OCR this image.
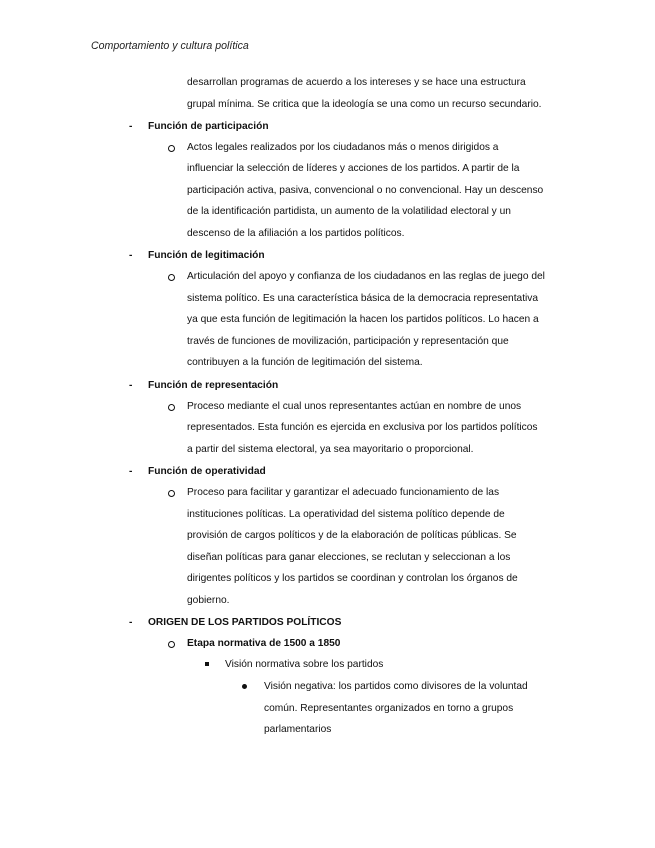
Comportamiento y cultura política
desarrollan programas de acuerdo a los intereses y se hace una estructura
grupal mínima. Se critica que la ideología se una como un recurso secundario.
- Función de participación
Actos legales realizados por los ciudadanos más o menos dirigidos a
influenciar la selección de líderes y acciones de los partidos. A partir de la
participación activa, pasiva, convencional o no convencional. Hay un descenso
de la identificación partidista, un aumento de la volatilidad electoral y un
descenso de la afiliación a los partidos políticos.
- Función de legitimación
Articulación del apoyo y confianza de los ciudadanos en las reglas de juego del
sistema político. Es una característica básica de la democracia representativa
ya que esta función de legitimación la hacen los partidos políticos. Lo hacen a
través de funciones de movilización, participación y representación que
contribuyen a la función de legitimación del sistema.
- Función de representación
Proceso mediante el cual unos representantes actúan en nombre de unos
representados. Esta función es ejercida en exclusiva por los partidos políticos
a partir del sistema electoral, ya sea mayoritario o proporcional.
- Función de operatividad
Proceso para facilitar y garantizar el adecuado funcionamiento de las
instituciones políticas. La operatividad del sistema político depende de
provisión de cargos políticos y de la elaboración de políticas públicas. Se
diseñan políticas para ganar elecciones, se reclutan y seleccionan a los
dirigentes políticos y los partidos se coordinan y controlan los órganos de
gobierno.
- ORIGEN DE LOS PARTIDOS POLÍTICOS
Etapa normativa de 1500 a 1850
Visión normativa sobre los partidos
Visión negativa: los partidos como divisores de la voluntad
común. Representantes organizados en torno a grupos
parlamentarios
